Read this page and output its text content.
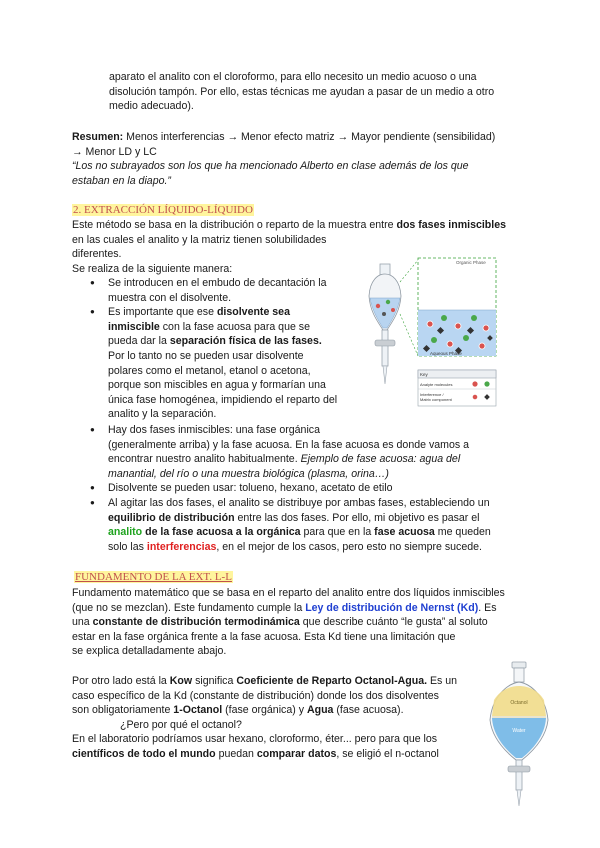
aparato el analito con el cloroformo, para ello necesito un medio acuoso o una

disolución tampón. Por ello, estas técnicas me ayudan a pasar de un medio a otro

medio adecuado).

Resumen: Menos interferencias → Menor efecto matriz → Mayor pendiente (sensibilidad)

→ Menor LD y LC

“Los no subrayados son los que ha mencionado Alberto en clase además de los que

estaban en la diapo.”

2. EXTRACCIÓN LÍQUIDO-LÍQUIDO

Este método se basa en la distribución o reparto de la muestra entre dos fases inmiscibles

en las cuales el analito y la matriz tienen solubilidades

diferentes.

Se realiza de la siguiente manera:

● Se introducen en el embudo de decantación la

muestra con el disolvente.

● Es importante que ese disolvente sea

inmiscible con la fase acuosa para que se

pueda dar la separación física de las fases.

Por lo tanto no se pueden usar disolvente

polares como el metanol, etanol o acetona,

porque son miscibles en agua y formarían una

única fase homogénea, impidiendo el reparto del

analito y la separación.

● Hay dos fases inmiscibles: una fase orgánica

(generalmente arriba) y la fase acuosa. En la fase acuosa es donde vamos a

encontrar nuestro analito habitualmente. Ejemplo de fase acuosa: agua del

manantial, del río o una muestra biológica (plasma, orina…)

● Disolvente se pueden usar: tolueno, hexano, acetato de etilo

● Al agitar las dos fases, el analito se distribuye por ambas fases, estableciendo un

equilibrio de distribución entre las dos fases. Por ello, mi objetivo es pasar el

analito de la fase acuosa a la orgánica para que en la fase acuosa me queden

solo las interferencias, en el mejor de los casos, pero esto no siempre sucede.

FUNDAMENTO DE LA EXT. L-L

Fundamento matemático que se basa en el reparto del analito entre dos líquidos inmiscibles

(que no se mezclan). Este fundamento cumple la Ley de distribución de Nernst (Kd). Es

una constante de distribución termodinámica que describe cuánto “le gusta” al soluto

estar en la fase orgánica frente a la fase acuosa. Esta Kd tiene una limitación que

se explica detalladamente abajo.

Por otro lado está la Kow significa Coeficiente de Reparto Octanol-Agua. Es un

caso específico de la Kd (constante de distribución) donde los dos disolventes

son obligatoriamente 1-Octanol (fase orgánica) y Agua (fase acuosa).

¿Pero por qué el octanol?

En el laboratorio podríamos usar hexano, cloroformo, éter... pero para que los

científicos de todo el mundo puedan comparar datos, se eligió el n-octanol

Organic Phase
Aqueous Phase
Key
Analyte molecules
Interference /
Matrix component
Octanol
Water
